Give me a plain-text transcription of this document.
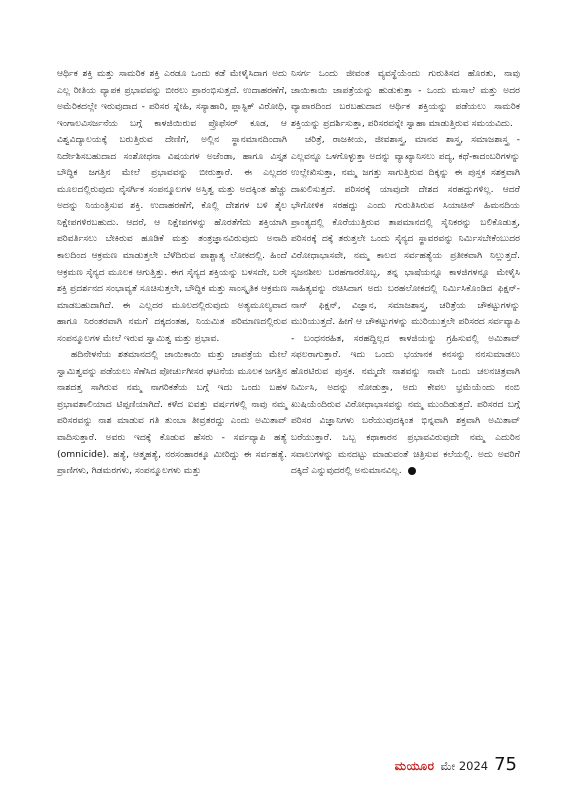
ಆರ್ಥಿಕ ಶಕ್ತಿ ಮತ್ತು ಸಾಮರಿಕ ಶಕ್ತಿ ಎರಡೂ ಒಂದು ಕಡೆ ಮೇಳೈಸಿದಾಗ ಅದು ಎಲ್ಲ ರೀತಿಯ ವ್ಯಾಪಕ ಪ್ರಭಾವವನ್ನು ಬೀರಲು ಪ್ರಾರಂಭಿಸುತ್ತದೆ. ಉದಾಹರಣೆಗೆ, ಅಮೆರಿಕದಲ್ಲೇ ಇರುವುದಾದ - ಪರಿಸರ ಸ್ನೇಹಿ, ಸಸ್ಯಾಹಾರಿ, ಪ್ಲಾಸ್ಟಿಕ್ ವಿರೋಧಿ, ಇಂಗಾಲವಿಸರ್ಜನೆಯ ಬಗ್ಗೆ ಕಾಳಜಿಯಿರುವ ಪ್ರೊಫೆಸರ್ ಕೂಡ, ಆ ವಿಶ್ವವಿದ್ಯಾಲಯಕ್ಕೆ ಬರುತ್ತಿರುವ ದೇಣಿಗೆ, ಅಲ್ಲಿನ ಸ್ಥಾನಮಾನದಿಂದಾಗಿ ನಿರ್ದೇಶಿಸಬಹುದಾದ ಸಂಶೋಧನಾ ವಿಷಯಗಳ ಅಜೆಂಡಾ, ಹಾಗೂ ವಿಸ್ತೃತ ಬೌದ್ಧಿಕ ಜಗತ್ತಿನ ಮೇಲೆ ಪ್ರಭಾವವನ್ನು ಬೀರುತ್ತಾರೆ. ಈ ಎಲ್ಲದರ ಮೂಲದಲ್ಲಿರುವುದು ನೈಸರ್ಗಿಕ ಸಂಪನ್ಮೂಲಗಳ ಅಸ್ತಿತ್ವ ಮತ್ತು ಅದಕ್ಕಿಂತ ಹೆಚ್ಚು ಅದನ್ನು ನಿಯಂತ್ರಿಸುವ ಶಕ್ತಿ. ಉದಾಹರಣೆಗೆ, ಕೊಲ್ಲಿ ದೇಶಗಳ ಬಳಿ ತೈಲ ನಿಕ್ಷೇಪಗಳಿರಬಹುದು. ಆದರೆ, ಆ ನಿಕ್ಷೇಪಗಳನ್ನು ಹೊರತೆಗೆದು ಶಕ್ತಿಯಾಗಿ ಪರಿವರ್ತಿಸಲು ಬೇಕಿರುವ ಹೂಡಿಕೆ ಮತ್ತು ತಂತ್ರಜ್ಞಾನವಿರುವುದು ಅನಾದಿ ಕಾಲದಿಂದ ಆಕ್ರಮಣ ಮಾಡುತ್ತಲೇ ಬೆಳೆದಿರುವ ಪಾಶ್ಚಾತ್ಯ ಲೋಕದಲ್ಲಿ. ಹಿಂದೆ ಆಕ್ರಮಣ ಸೈನ್ಯದ ಮೂಲಕ ಆಗುತ್ತಿತ್ತು. ಈಗ ಸೈನ್ಯದ ಶಕ್ತಿಯನ್ನು ಬಳಸದೇ, ಬರೇ ಶಕ್ತಿ ಪ್ರದರ್ಶನದ ಸಂಭಾವ್ಯತೆ ಸೂಚಿಸುತ್ತಲೇ, ಬೌದ್ಧಿಕ ಮತ್ತು ಸಾಂಸ್ಕೃತಿಕ ಆಕ್ರಮಣ ಮಾಡಬಹುದಾಗಿದೆ. ಈ ಎಲ್ಲದರ ಮೂಲದಲ್ಲಿರುವುದು ಅತ್ಯಮೂಲ್ಯವಾದ ಹಾಗೂ ನಿರಂತರವಾಗಿ ನಮಗೆ ದಕ್ಕದಂತಹ, ನಿಯಮಿತ ಪರಿಮಾಣದಲ್ಲಿರುವ ಸಂಪನ್ಮೂಲಗಳ ಮೇಲೆ ಇರುವ ಸ್ವಾಮಿತ್ವ ಮತ್ತು ಪ್ರಭಾವ.

ಹದಿನೇಳನೆಯ ಶತಮಾನದಲ್ಲಿ ಜಾಯಿಕಾಯಿ ಮತ್ತು ಜಾಪತ್ರೆಯ ಮೇಲೆ ಸ್ವಾಮಿತ್ವವನ್ನು ಪಡೆಯಲು ಸೆಣೆಸಿದ ಪೋರ್ಚುಗೀಸರ ಘಟನೆಯ ಮೂಲಕ ಜಗತ್ತಿನ ನಾಶದತ್ತ ಸಾಗಿರುವ ನಮ್ಮ ನಾಗರಿಕತೆಯ ಬಗ್ಗೆ ಇದು ಒಂದು ಬಹಳ ಪ್ರಭಾವಶಾಲಿಯಾದ ಟಿಪ್ಪಣಿಯಾಗಿದೆ. ಕಳೆದ ಐವತ್ತು ವರ್ಷಗಳಲ್ಲಿ ನಾವು ನಮ್ಮ ಪರಿಸರವನ್ನು ನಾಶ ಮಾಡುವ ಗತಿ ತುಂಬಾ ತೀವ್ರತರದ್ದು ಎಂದು ಅಮಿತಾವ್ ವಾದಿಸುತ್ತಾರೆ. ಅವರು ಇದಕ್ಕೆ ಕೊಡುವ ಹೆಸರು - ಸರ್ವವ್ಯಾಪಿ ಹತ್ಯೆ (omnicide). ಹತ್ಯೆ, ಆತ್ಮಹತ್ಯೆ, ನರಸಂಹಾರಕ್ಕೂ ಮೀರಿದ್ದು ಈ ಸರ್ವಹತ್ಯೆ. ಪ್ರಾಣಿಗಳು, ಗಿಡಮರಗಳು, ಸಂಪನ್ಮೂಲಗಳು ಮತ್ತು

ನಿಸರ್ಗ ಒಂದು ಜೀವಂತ ವ್ಯವಸ್ಥೆಯೆಂದು ಗುರುತಿಸದ ಹೊರತು, ನಾವು ಜಾಯಿಕಾಯಿ ಜಾಪತ್ರೆಯನ್ನು ಹುಡುಕುತ್ತಾ - ಒಂದು ಮಸಾಲೆ ಮತ್ತು ಅದರ ವ್ಯಾಪಾರದಿಂದ ಬರಬಹುದಾದ ಆರ್ಥಿಕ ಶಕ್ತಿಯನ್ನು ಪಡೆಯಲು ಸಾಮರಿಕ ಶಕ್ತಿಯನ್ನು ಪ್ರದರ್ಶಿಸುತ್ತಾ, ಪರಿಸರವನ್ನೇ ಸ್ವಾಹಾ ಮಾಡುತ್ತಿರುವ ಸಮಯವಿದು.

ಚರಿತ್ರೆ, ರಾಜಕೀಯ, ಜೀವಶಾಸ್ತ್ರ, ಮಾನವ ಶಾಸ್ತ್ರ, ಸಮಾಜಶಾಸ್ತ್ರ - ಎಲ್ಲವನ್ನೂ ಒಳಗೊಳ್ಳುತ್ತಾ ಅದನ್ನು ವ್ಯಾಖ್ಯಾನಿಸಲು ಪದ್ಯ, ಕಥೆ-ಕಾದಂಬರಿಗಳನ್ನು ಉಲ್ಲೇಖಿಸುತ್ತಾ, ನಮ್ಮ ಜಗತ್ತು ಸಾಗುತ್ತಿರುವ ದಿಕ್ಕನ್ನು ಈ ಪುಸ್ತಕ ಸಶಕ್ತವಾಗಿ ದಾಖಲಿಸುತ್ತದೆ. ಪರಿಸರಕ್ಕೆ ಯಾವುದೇ ದೇಶದ ಸರಹದ್ದುಗಳಿಲ್ಲ. ಆದರೆ ಭೌಗೋಳಿಕ ಸರಹದ್ದು ಎಂದು ಗುರುತಿಸಿರುವ ಸಿಯಾಚಿನ್ ಹಿಮನದಿಯ ಪ್ರಾಂತ್ಯದಲ್ಲಿ ಕೊರೆಯುತ್ತಿರುವ ತಾಪಮಾನದಲ್ಲಿ ಸೈನಿಕರನ್ನು ಬಲಿಕೊಡುತ್ತ, ಪರಿಸರಕ್ಕೆ ದಕ್ಕೆ ತರುತ್ತಲೇ ಒಂದು ಸೈನ್ಯದ ಸ್ಥಾವರವನ್ನು ನಿರ್ಮಿಸಬೇಕೆಂಬುದರ ವಿರೋಧಾಭಾಸವೇ, ನಮ್ಮ ಕಾಲದ ಸರ್ವಹತ್ಯೆಯ ಪ್ರತೀಕವಾಗಿ ನಿಲ್ಲುತ್ತದೆ. ಸೃಜನಶೀಲ ಬರಹಗಾರರೊಬ್ಬ, ತನ್ನ ಭಾಷೆಯನ್ನೂ ಕಾಳಜಿಗಳನ್ನೂ ಮೇಳೈಸಿ ಸಾಹಿತ್ಯವನ್ನು ರಚಿಸಿದಾಗ ಅದು ಬರಹಲೋಕದಲ್ಲಿ ನಿರ್ಮಿಸಿಕೊಂಡಿದ ಫಿಕ್ಷನ್-ನಾನ್ ಫಿಕ್ಷನ್, ವಿಜ್ಞಾನ, ಸಮಾಜಶಾಸ್ತ್ರ, ಚರಿತ್ರೆಯ ಚೌಕಟ್ಟುಗಳನ್ನು ಮುರಿಯುತ್ತದೆ. ಹೀಗೆ ಆ ಚೌಕಟ್ಟುಗಳನ್ನು ಮುರಿಯುತ್ತಲೇ ಪರಿಸರದ ಸರ್ವವ್ಯಾಪಿ - ಬಂಧನರಹಿತ, ಸರಹದ್ದಿಲ್ಲದ ಕಾಳಜಿಯನ್ನು ಗ್ರಹಿಸುವಲ್ಲಿ ಅಮಿತಾವ್ ಸಫಲರಾಗುತ್ತಾರೆ. ಇದು ಒಂದು ಭಯಾನಕ ಕನಸನ್ನು ನನಸುಮಾಡಲು ಹೊರಟಿರುವ ಪುಸ್ತಕ. ನಮ್ಮದೇ ನಾಶವನ್ನು ನಾವೇ ಒಂದು ಚಲನಚಿತ್ರವಾಗಿ ನಿರ್ಮಿಸಿ, ಅದನ್ನು ನೋಡುತ್ತಾ, ಅದು ಕೇವಲ ಭ್ರಮೆಯೆಂದು ನಂಬಿ ಖುಷಿಯೆಂದಿರುವ ವಿರೋಧಾಭಾಸವನ್ನು ನಮ್ಮ ಮುಂದಿಡುತ್ತದೆ. ಪರಿಸರದ ಬಗ್ಗೆ ಪರಿಸರ ವಿಜ್ಞಾನಿಗಳು ಬರೆಯುವುದಕ್ಕಿಂತ ಭಿನ್ನವಾಗಿ ಶಕ್ತವಾಗಿ ಅಮಿತಾವ್ ಬರೆಯುತ್ತಾರೆ. ಒಬ್ಬ ಕಥಾಕಾರನ ಪ್ರಭಾವವಿರುವುದೇ ನಮ್ಮ ಎದುರಿನ ಸವಾಲುಗಳನ್ನು ಮನದಟ್ಟು ಮಾಡುವಂತೆ ಚಿತ್ರಿಸುವ ಕಲೆಯಲ್ಲಿ. ಅದು ಅವರಿಗೆ ದಕ್ಕಿದೆ ಎನ್ನುವುದರಲ್ಲಿ ಅನುಮಾನವಿಲ್ಲ.

ಮಯೂರ ಮೇ 2024 75
